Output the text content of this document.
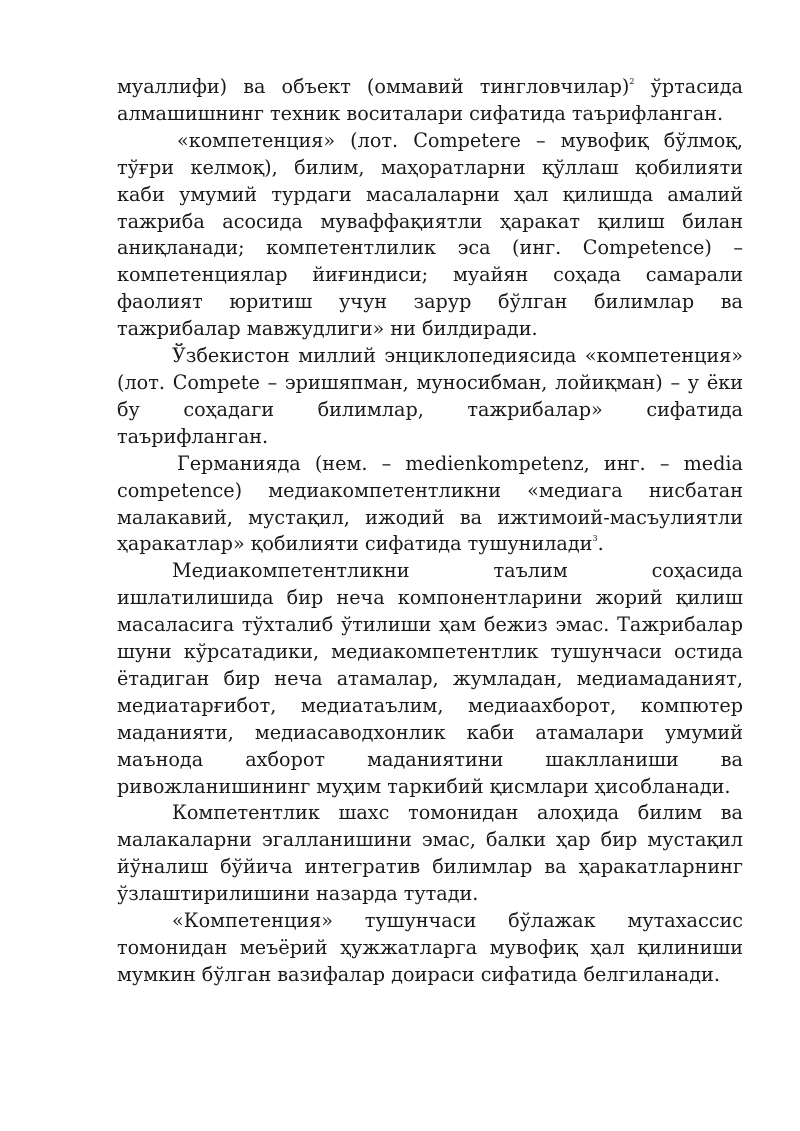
муаллифи) ва объект (оммавий тингловчилар)$^2$ ўртасида алмашишнинг техник воситалари сифатида таърифланган.

«компетенция» (лот. Competere – мувофиқ бўлмоқ, тўғри келмоқ), билим, маҳоратларни қўллаш қобилияти каби умумий турдаги масалаларни ҳал қилишда амалий тажриба асосида муваффақиятли ҳаракат қилиш билан аниқланади; компетентлилик эса (инг. Competence) – компетенциялар йиғиндиси; муайян соҳада самарали фаолият юритиш учун зарур бўлган билимлар ва тажрибалар мавжудлиги» ни билдиради.

Ўзбекистон миллий энциклопедиясида «компетенция» (лот. Compete – эришяпман, муносибман, лойиқман) – у ёки бу соҳадаги билимлар, тажрибалар» сифатида таърифланган.

Германияда (нем. – medienkompetenz, инг. – media competence) медиакомпетентликни «медиага нисбатан малакавий, мустақил, ижодий ва ижтимоий-масъулиятли ҳаракатлар» қобилияти сифатида тушунилади$^3$.

Медиакомпетентликни таълим соҳасида ишлатилишида бир неча компонентларини жорий қилиш масаласига тўхталиб ўтилиши ҳам бежиз эмас. Тажрибалар шуни кўрсатадики, медиакомпетентлик тушунчаси остида ётадиган бир неча атамалар, жумладан, медиамаданият, медиатарғибот, медиатаълим, медиаахборот, компютер маданияти, медиасаводхонлик каби атамалари умумий маънода ахборот маданиятини шаклланиши ва ривожланишининг муҳим таркибий қисмлари ҳисобланади.

Компетентлик шахс томонидан алоҳида билим ва малакаларни эгалланишини эмас, балки ҳар бир мустақил йўналиш бўйича интегратив билимлар ва ҳаракатларнинг ўзлаштирилишини назарда тутади.

«Компетенция» тушунчаси бўлажак мутахассис томонидан меъёрий ҳужжатларга мувофиқ ҳал қилиниши мумкин бўлган вазифалар доираси сифатида белгиланади.
